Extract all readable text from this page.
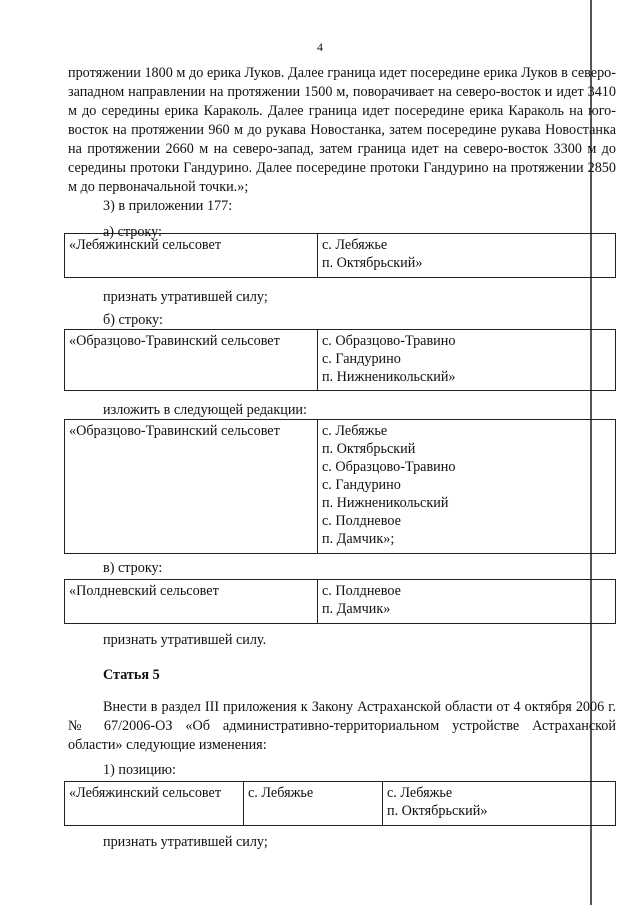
4

протяжении 1800 м до ерика Луков. Далее граница идет посередине ерика Луков в северо-западном направлении на протяжении 1500 м, поворачивает на северо-восток и идет 3410 м до середины ерика Караколь. Далее граница идет посередине ерика Караколь на юго-восток на протяжении 960 м до рукава Новостанка, затем посередине рукава Новостанка на протяжении 2660 м на северо-запад, затем граница идет на северо-восток 3300 м до середины протоки Гандурино. Далее посередине протоки Гандурино на протяжении 2850 м до первоначальной точки.»;

3) в приложении 177:
а) строку:
«Лебяжинский сельсовет	с. Лебяжье
п. Октябрьский»
признать утратившей силу;
б) строку:
«Образцово-Травинский сельсовет	с. Образцово-Травино
с. Гандурино
п. Нижненикольский»
изложить в следующей редакции:
«Образцово-Травинский сельсовет	с. Лебяжье
п. Октябрьский
с. Образцово-Травино
с. Гандурино
п. Нижненикольский
с. Полдневое
п. Дамчик»;
в) строку:
«Полдневский сельсовет	с. Полдневое
п. Дамчик»
признать утратившей силу.
Статья 5

Внести в раздел III приложения к Закону Астраханской области от 4 октября 2006 г. № 67/2006-ОЗ «Об административно-территориальном устройстве Астраханской области» следующие изменения:

1) позицию:
«Лебяжинский сельсовет	с. Лебяжье	с. Лебяжье
п. Октябрьский»
признать утратившей силу;
